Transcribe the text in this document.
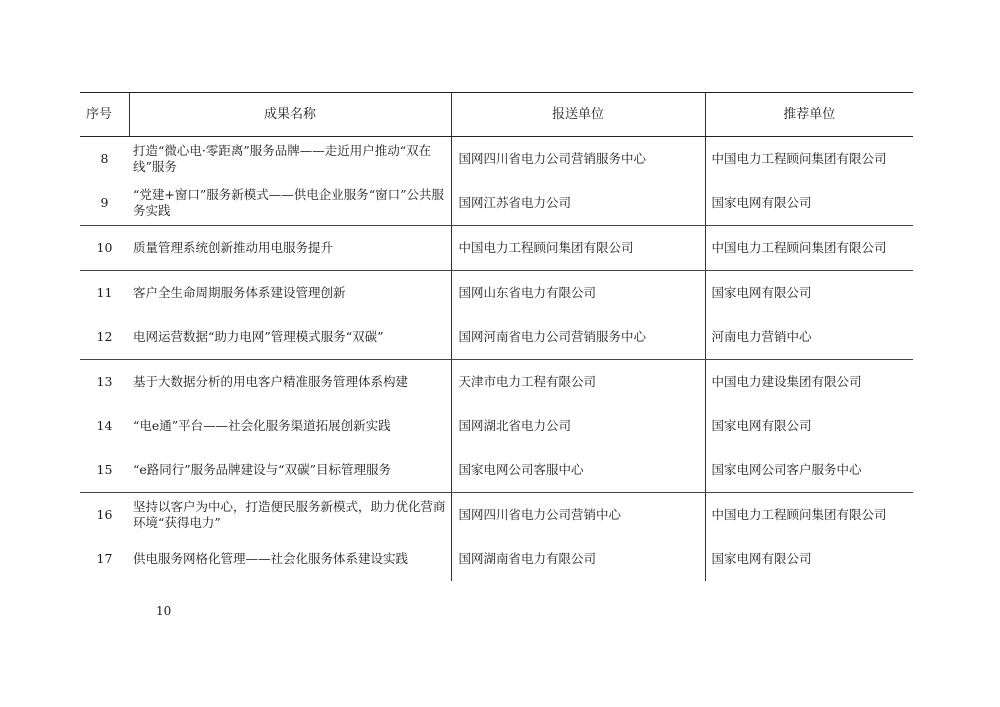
序号	成果名称	报送单位	推荐单位
8	打造“微心电·零距离”服务品牌——走近用户推动“双在线”服务	国网四川省电力公司营销服务中心	中国电力工程顾问集团有限公司
9	“党建+窗口”服务新模式——供电企业服务“窗口”公共服务实践	国网江苏省电力公司	国家电网有限公司
10	质量管理系统创新推动用电服务提升	中国电力工程顾问集团有限公司	中国电力工程顾问集团有限公司
11	客户全生命周期服务体系建设管理创新	国网山东省电力有限公司	国家电网有限公司
12	电网运营数据“助力电网”管理模式服务“双碳”	国网河南省电力公司营销服务中心	河南电力营销中心
13	基于大数据分析的用电客户精准服务管理体系构建	天津市电力工程有限公司	中国电力建设集团有限公司
14	“电e通”平台——社会化服务渠道拓展创新实践	国网湖北省电力公司	国家电网有限公司
15	“e路同行”服务品牌建设与“双碳”目标管理服务	国家电网公司客服中心	国家电网公司客户服务中心
16	坚持以客户为中心，打造便民服务新模式，助力优化营商环境“获得电力”	国网四川省电力公司营销中心	中国电力工程顾问集团有限公司
17	供电服务网格化管理——社会化服务体系建设实践	国网湖南省电力有限公司	国家电网有限公司
10
